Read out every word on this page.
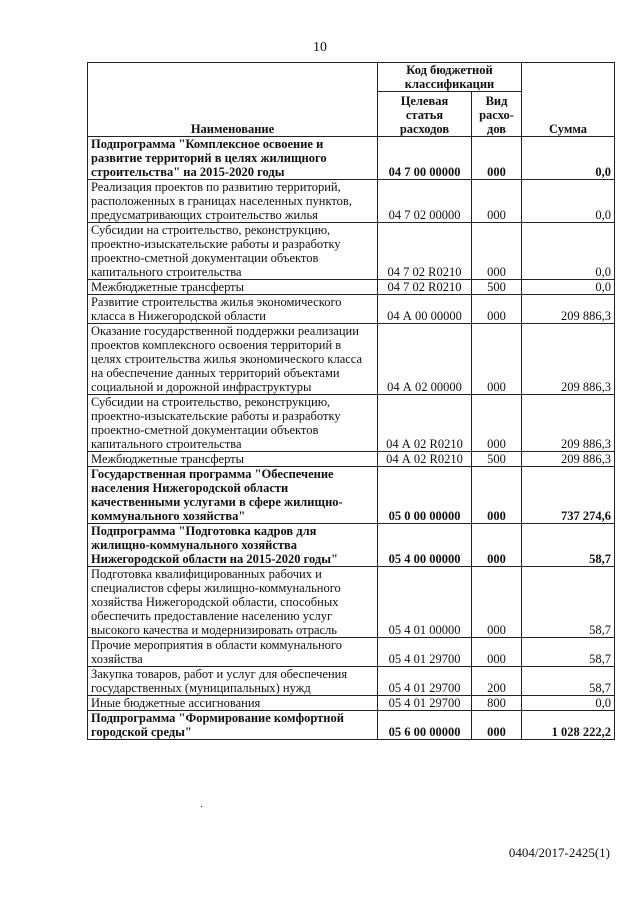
10
Наименование	Код бюджетной классификации		Сумма
	Целевая статья расходов	Вид расхо-дов	
Подпрограмма "Комплексное освоение и развитие территорий в целях жилищного строительства" на 2015-2020 годы	04 7 00 00000	000	0,0
Реализация проектов по развитию территорий, расположенных в границах населенных пунктов, предусматривающих строительство жилья	04 7 02 00000	000	0,0
Субсидии на строительство, реконструкцию, проектно-изыскательские работы и разработку проектно-сметной документации объектов капитального строительства	04 7 02 R0210	000	0,0
Межбюджетные трансферты	04 7 02 R0210	500	0,0
Развитие строительства жилья экономического класса в Нижегородской области	04 А 00 00000	000	209 886,3
Оказание государственной поддержки реализации проектов комплексного освоения территорий в целях строительства жилья экономического класса на обеспечение данных территорий объектами социальной и дорожной инфраструктуры	04 А 02 00000	000	209 886,3
Субсидии на строительство, реконструкцию, проектно-изыскательские работы и разработку проектно-сметной документации объектов капитального строительства	04 А 02 R0210	000	209 886,3
Межбюджетные трансферты	04 А 02 R0210	500	209 886,3
Государственная программа "Обеспечение населения Нижегородской области качественными услугами в сфере жилищно-коммунального хозяйства"	05 0 00 00000	000	737 274,6
Подпрограмма "Подготовка кадров для жилищно-коммунального хозяйства Нижегородской области на 2015-2020 годы"	05 4 00 00000	000	58,7
Подготовка квалифицированных рабочих и специалистов сферы жилищно-коммунального хозяйства Нижегородской области, способных обеспечить предоставление населению услуг высокого качества и модернизировать отрасль	05 4 01 00000	000	58,7
Прочие мероприятия в области коммунального хозяйства	05 4 01 29700	000	58,7
Закупка товаров, работ и услуг для обеспечения государственных (муниципальных) нужд	05 4 01 29700	200	58,7
Иные бюджетные ассигнования	05 4 01 29700	800	0,0
Подпрограмма "Формирование комфортной городской среды"	05 6 00 00000	000	1 028 222,2
·
0404/2017-2425(1)
